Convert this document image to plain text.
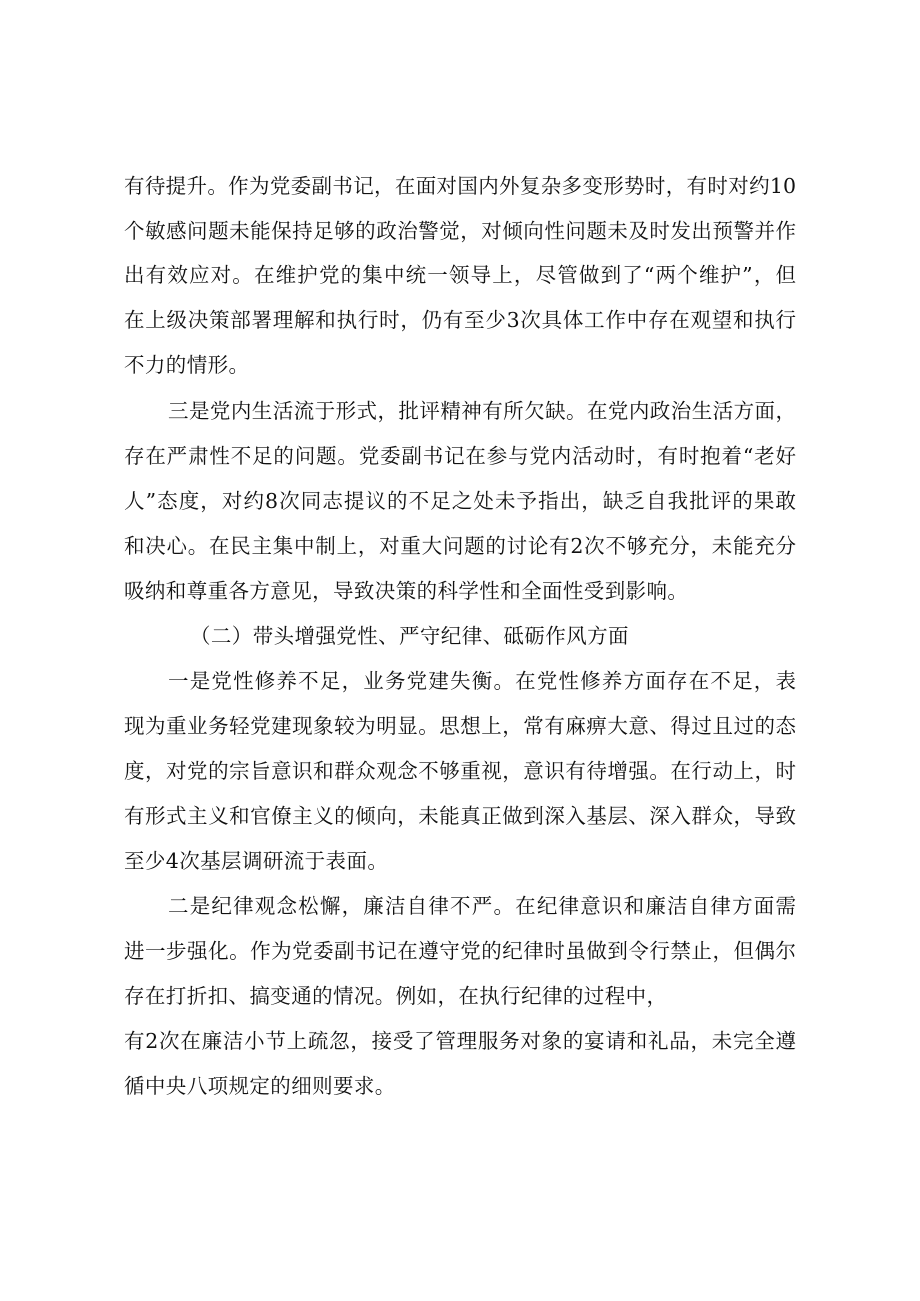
有待提升。作为党委副书记，在面对国内外复杂多变形势时，有时对约10
个敏感问题未能保持足够的政治警觉，对倾向性问题未及时发出预警并作
出有效应对。在维护党的集中统一领导上，尽管做到了“两个维护”，但
在上级决策部署理解和执行时，仍有至少3次具体工作中存在观望和执行
不力的情形。
三是党内生活流于形式，批评精神有所欠缺。在党内政治生活方面，
存在严肃性不足的问题。党委副书记在参与党内活动时，有时抱着“老好
人”态度，对约8次同志提议的不足之处未予指出，缺乏自我批评的果敢
和决心。在民主集中制上，对重大问题的讨论有2次不够充分，未能充分
吸纳和尊重各方意见，导致决策的科学性和全面性受到影响。
（二）带头增强党性、严守纪律、砥砺作风方面
一是党性修养不足，业务党建失衡。在党性修养方面存在不足，表
现为重业务轻党建现象较为明显。思想上，常有麻痹大意、得过且过的态
度，对党的宗旨意识和群众观念不够重视，意识有待增强。在行动上，时
有形式主义和官僚主义的倾向，未能真正做到深入基层、深入群众，导致
至少4次基层调研流于表面。
二是纪律观念松懈，廉洁自律不严。在纪律意识和廉洁自律方面需
进一步强化。作为党委副书记在遵守党的纪律时虽做到令行禁止，但偶尔
存在打折扣、搞变通的情况。例如，在执行纪律的过程中，
有2次在廉洁小节上疏忽，接受了管理服务对象的宴请和礼品，未完全遵
循中央八项规定的细则要求。
